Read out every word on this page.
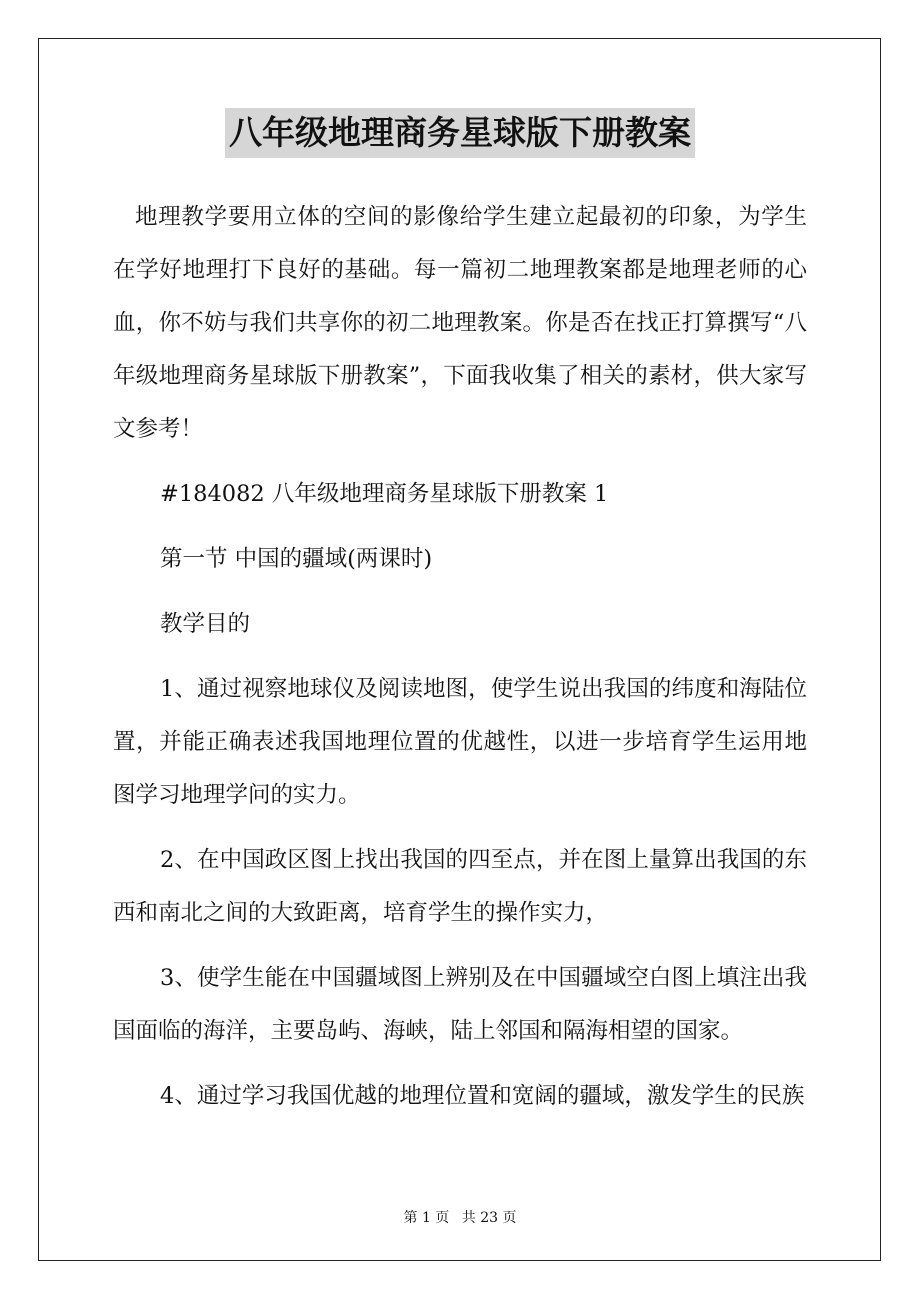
八年级地理商务星球版下册教案

地理教学要用立体的空间的影像给学生建立起最初的印象，为学生在学好地理打下良好的基础。每一篇初二地理教案都是地理老师的心血，你不妨与我们共享你的初二地理教案。你是否在找正打算撰写“八年级地理商务星球版下册教案”，下面我收集了相关的素材，供大家写文参考！

#184082 八年级地理商务星球版下册教案 1
第一节 中国的疆域(两课时)
教学目的

1、通过视察地球仪及阅读地图，使学生说出我国的纬度和海陆位置，并能正确表述我国地理位置的优越性，以进一步培育学生运用地图学习地理学问的实力。

2、在中国政区图上找出我国的四至点，并在图上量算出我国的东西和南北之间的大致距离，培育学生的操作实力，

3、使学生能在中国疆域图上辨别及在中国疆域空白图上填注出我国面临的海洋，主要岛屿、海峡，陆上邻国和隔海相望的国家。

4、通过学习我国优越的地理位置和宽阔的疆域，激发学生的民族

第 1 页 共 23 页
